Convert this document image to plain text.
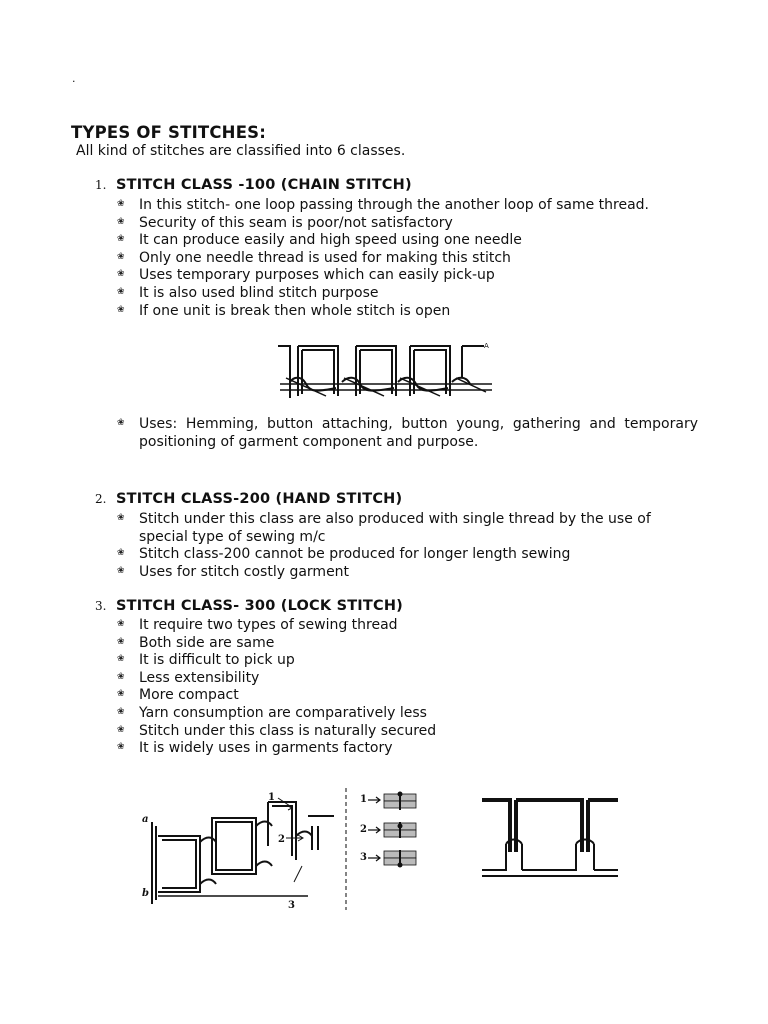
.
TYPES OF STITCHES:
All kind of stitches are classified into 6 classes.
1. STITCH CLASS -100 (CHAIN STITCH)
❀ In this stitch- one loop passing through the another loop of same thread.
❀ Security of this seam is poor/not satisfactory
❀ It can produce easily and high speed using one needle
❀ Only one needle thread is used for making this stitch
❀ Uses temporary purposes which can easily pick-up
❀ It is also used blind stitch purpose
❀ If one unit is break then whole stitch is open
A
❀ Uses: Hemming, button attaching, button young, gathering and temporary positioning of garment component and purpose.
2. STITCH CLASS-200 (HAND STITCH)
❀ Stitch under this class are also produced with single thread by the use of special type of sewing m/c
❀ Stitch class-200 cannot be produced for longer length sewing
❀ Uses for stitch costly garment
3. STITCH CLASS- 300 (LOCK STITCH)
❀ It require two types of sewing thread
❀ Both side are same
❀ It is difficult to pick up
❀ Less extensibility
❀ More compact
❀ Yarn consumption are comparatively less
❀ Stitch under this class is naturally secured
❀ It is widely uses in garments factory
a
b
1
2
3
1
2
3
